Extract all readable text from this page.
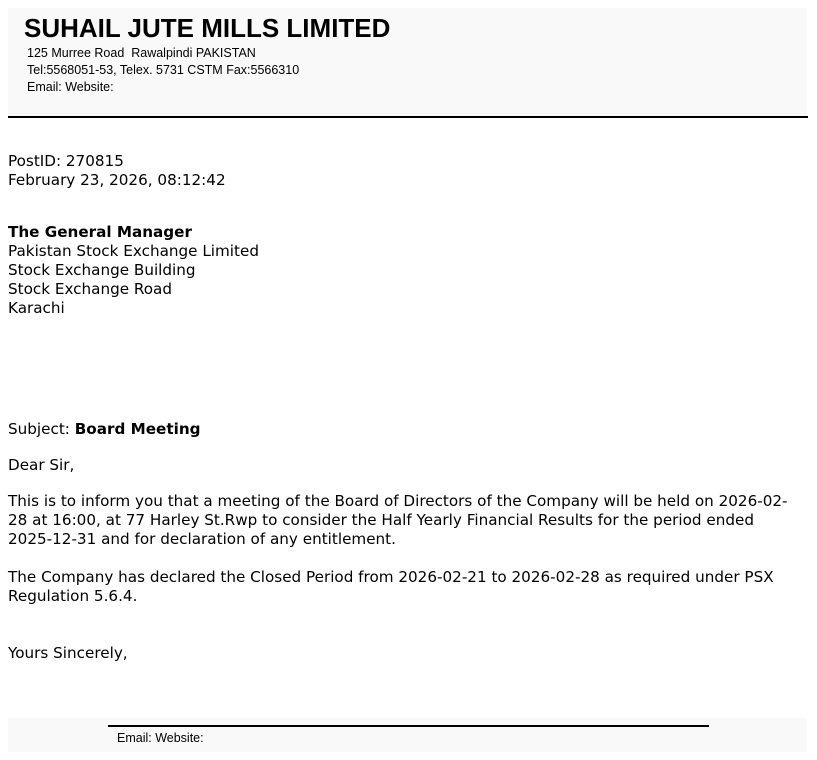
SUHAIL JUTE MILLS LIMITED
125 Murree Road  Rawalpindi PAKISTAN
Tel:5568051-53, Telex. 5731 CSTM Fax:5566310
Email: Website:
PostID: 270815
February 23, 2026, 08:12:42
The General Manager
Pakistan Stock Exchange Limited
Stock Exchange Building
Stock Exchange Road
Karachi
Subject: Board Meeting
Dear Sir,
This is to inform you that a meeting of the Board of Directors of the Company will be held on 2026-02-28 at 16:00, at 77 Harley St.Rwp to consider the Half Yearly Financial Results for the period ended 2025-12-31 and for declaration of any entitlement.
The Company has declared the Closed Period from 2026-02-21 to 2026-02-28 as required under PSX Regulation 5.6.4.
Yours Sincerely,
Email: Website:
